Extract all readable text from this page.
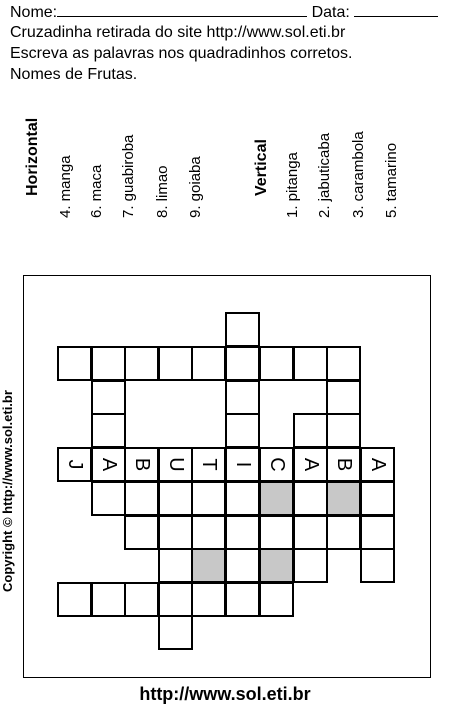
Nome:	Data:
Cruzadinha retirada do site http://www.sol.eti.br
Escreva as palavras nos quadradinhos corretos.
Nomes de Frutas.
Horizontal 4. manga 6. maca 7. guabiroba 8. limao 9. goiaba	Vertical 1. pitanga 2. jabuticaba 3. carambola 5. tamarino
J A B U T I C A B A
Copyright © http://www.sol.eti.br
http://www.sol.eti.br
